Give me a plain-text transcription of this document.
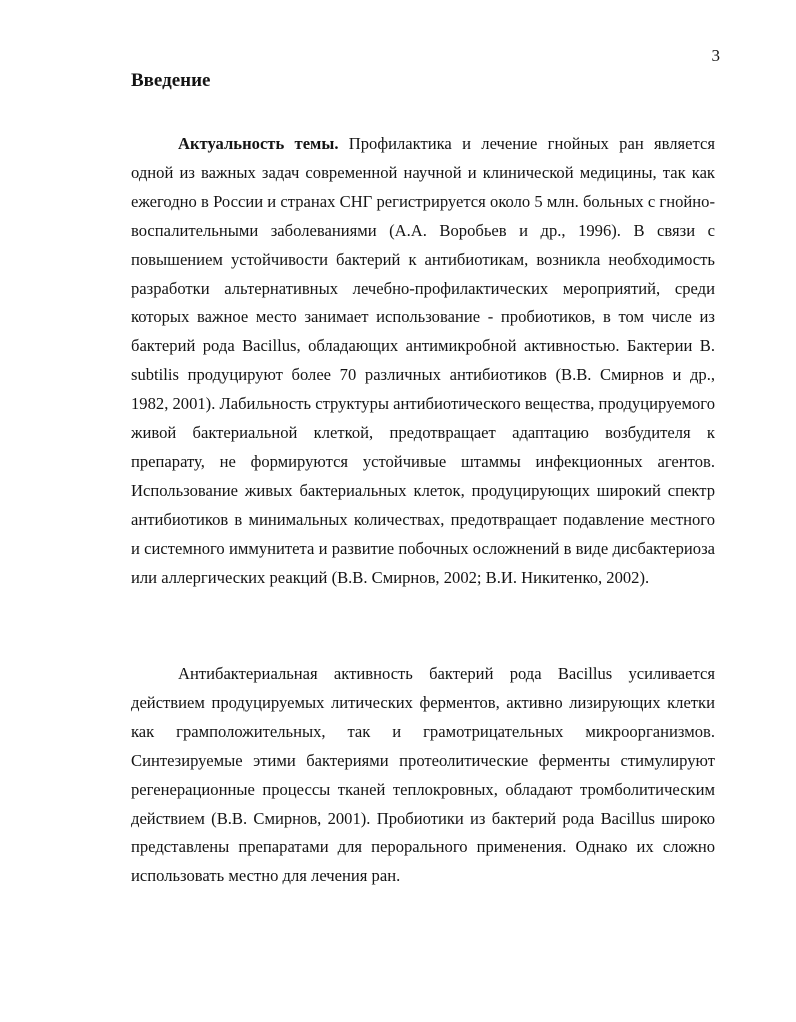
3
Введение

Актуальность темы. Профилактика и лечение гнойных ран является одной из важных задач современной научной и клинической медицины, так как ежегодно в России и странах СНГ регистрируется около 5 млн. больных с гнойно-воспалительными заболеваниями (А.А. Воробьев и др., 1996). В связи с повышением устойчивости бактерий к антибиотикам, возникла необходимость разработки альтернативных лечебно-профилактических мероприятий, среди которых важное место занимает использование - пробиотиков, в том числе из бактерий рода Bacillus, обладающих антимикробной активностью. Бактерии B. subtilis продуцируют более 70 различных антибиотиков (В.В. Смирнов и др., 1982, 2001). Лабильность структуры антибиотического вещества, продуцируемого живой бактериальной клеткой, предотвращает адаптацию возбудителя к препарату, не формируются устойчивые штаммы инфекционных агентов. Использование живых бактериальных клеток, продуцирующих широкий спектр антибиотиков в минимальных количествах, предотвращает подавление местного и системного иммунитета и развитие побочных осложнений в виде дисбактериоза или аллергических реакций (В.В. Смирнов, 2002; В.И. Никитенко, 2002).

Антибактериальная активность бактерий рода Bacillus усиливается действием продуцируемых литических ферментов, активно лизирующих клетки как грамположительных, так и грамотрицательных микроорганизмов. Синтезируемые этими бактериями протеолитические ферменты стимулируют регенерационные процессы тканей теплокровных, обладают тромболитическим действием (В.В. Смирнов, 2001). Пробиотики из бактерий рода Bacillus широко представлены препаратами для перорального применения. Однако их сложно использовать местно для лечения ран.
